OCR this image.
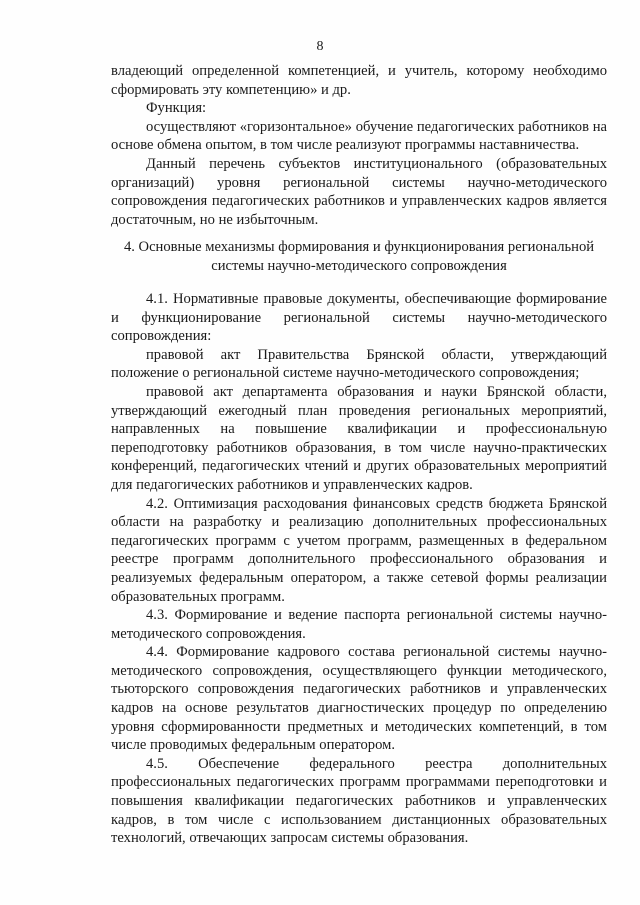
8

владеющий определенной компетенцией, и учитель, которому необходимо сформировать эту компетенцию» и др.

Функция:

осуществляют «горизонтальное» обучение педагогических работников на основе обмена опытом, в том числе реализуют программы наставничества.

Данный перечень субъектов институционального (образовательных организаций) уровня региональной системы научно-методического сопровождения педагогических работников и управленческих кадров является достаточным, но не избыточным.

4. Основные механизмы формирования и функционирования региональной системы научно-методического сопровождения

4.1. Нормативные правовые документы, обеспечивающие формирование и функционирование региональной системы научно-методического сопровождения:

правовой акт Правительства Брянской области, утверждающий положение о региональной системе научно-методического сопровождения;

правовой акт департамента образования и науки Брянской области, утверждающий ежегодный план проведения региональных мероприятий, направленных на повышение квалификации и профессиональную переподготовку работников образования, в том числе научно-практических конференций, педагогических чтений и других образовательных мероприятий для педагогических работников и управленческих кадров.

4.2. Оптимизация расходования финансовых средств бюджета Брянской области на разработку и реализацию дополнительных профессиональных педагогических программ с учетом программ, размещенных в федеральном реестре программ дополнительного профессионального образования и реализуемых федеральным оператором, а также сетевой формы реализации образовательных программ.

4.3. Формирование и ведение паспорта региональной системы научно-методического сопровождения.

4.4. Формирование кадрового состава региональной системы научно-методического сопровождения, осуществляющего функции методического, тьюторского сопровождения педагогических работников и управленческих кадров на основе результатов диагностических процедур по определению уровня сформированности предметных и методических компетенций, в том числе проводимых федеральным оператором.

4.5. Обеспечение федерального реестра дополнительных профессиональных педагогических программ программами переподготовки и повышения квалификации педагогических работников и управленческих кадров, в том числе с использованием дистанционных образовательных технологий, отвечающих запросам системы образования.
